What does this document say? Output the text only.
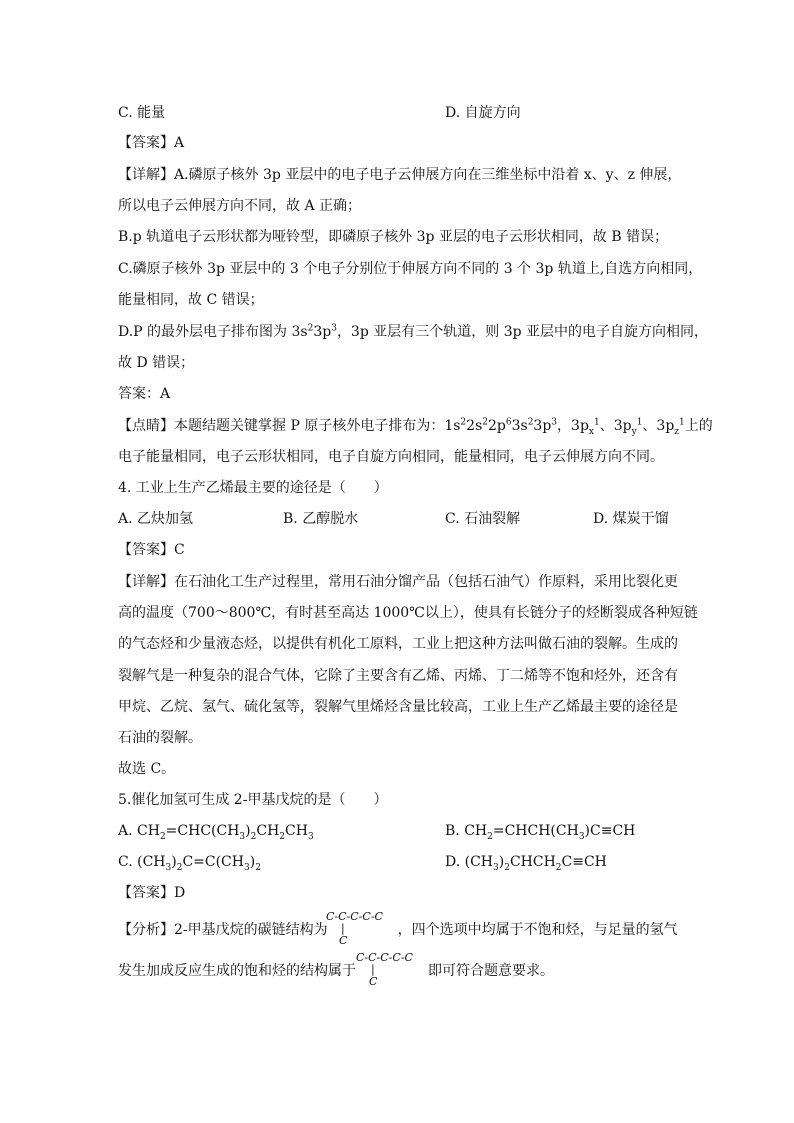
C. 能量	D. 自旋方向
【答案】A
【详解】A.磷原子核外 3p 亚层中的电子电子云伸展方向在三维坐标中沿着 x、y、z 伸展，
所以电子云伸展方向不同，故 A 正确；
B.p 轨道电子云形状都为哑铃型，即磷原子核外 3p 亚层的电子云形状相同，故 B 错误；
C.磷原子核外 3p 亚层中的 3 个电子分别位于伸展方向不同的 3 个 3p 轨道上,自选方向相同，
能量相同，故 C 错误；
D.P 的最外层电子排布图为 $3s^23p^3$，3p 亚层有三个轨道，则 3p 亚层中的电子自旋方向相同，
故 D 错误；
答案：A
【点睛】本题结题关键掌握 P 原子核外电子排布为：$1s^22s^22p^63s^23p^3$，$3p_x^1$、$3p_y^1$、$3p_z^1$上的
电子能量相同，电子云形状相同，电子自旋方向相同，能量相同，电子云伸展方向不同。
4. 工业上生产乙烯最主要的途径是（　　）
A. 乙炔加氢	B. 乙醇脱水	C. 石油裂解	D. 煤炭干馏
【答案】C
【详解】在石油化工生产过程里，常用石油分馏产品（包括石油气）作原料，采用比裂化更
高的温度（700～800℃，有时甚至高达 1000℃以上），使具有长链分子的烃断裂成各种短链
的气态烃和少量液态烃，以提供有机化工原料，工业上把这种方法叫做石油的裂解。生成的
裂解气是一种复杂的混合气体，它除了主要含有乙烯、丙烯、丁二烯等不饱和烃外，还含有
甲烷、乙烷、氢气、硫化氢等，裂解气里烯烃含量比较高，工业上生产乙烯最主要的途径是
石油的裂解。
故选 C。
5.催化加氢可生成 2-甲基戊烷的是（　　）
A. $CH_2=CHC(CH_3)_2CH_2CH_3$	B. $CH_2=CHCH(CH_3)C\equiv CH$
C. $(CH_3)_2C=C(CH_3)_2$	D. $(CH_3)_2CHCH_2C\equiv CH$
【答案】D
【分析】2-甲基戊烷的碳链结构为	，四个选项中均属于不饱和烃，与足量的氢气
C-C-C-C-C
|
C
发生加成反应生成的饱和烃的结构属于	即可符合题意要求。
C-C-C-C-C
|
C
